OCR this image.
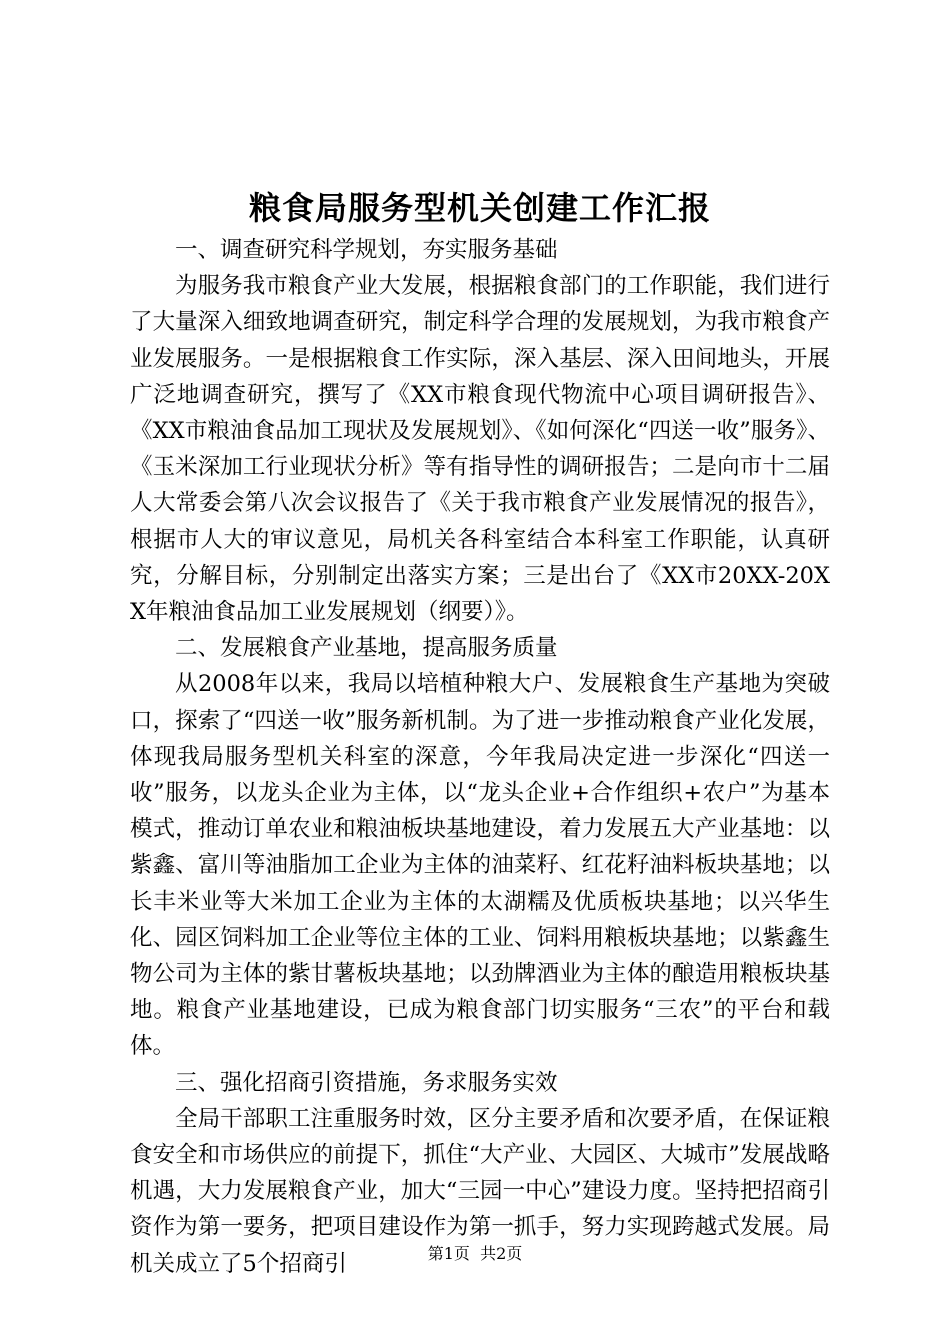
粮食局服务型机关创建工作汇报

一、调查研究科学规划，夯实服务基础

为服务我市粮食产业大发展，根据粮食部门的工作职能，我们进行了大量深入细致地调查研究，制定科学合理的发展规划，为我市粮食产业发展服务。一是根据粮食工作实际，深入基层、深入田间地头，开展广泛地调查研究，撰写了《XX市粮食现代物流中心项目调研报告》、《XX市粮油食品加工现状及发展规划》、《如何深化“四送一收”服务》、《玉米深加工行业现状分析》等有指导性的调研报告；二是向市十二届人大常委会第八次会议报告了《关于我市粮食产业发展情况的报告》，根据市人大的审议意见，局机关各科室结合本科室工作职能，认真研究，分解目标，分别制定出落实方案；三是出台了《XX市20XX-20XX年粮油食品加工业发展规划（纲要）》。

二、发展粮食产业基地，提高服务质量

从2008年以来，我局以培植种粮大户、发展粮食生产基地为突破口，探索了“四送一收”服务新机制。为了进一步推动粮食产业化发展，体现我局服务型机关科室的深意，今年我局决定进一步深化“四送一收”服务，以龙头企业为主体，以“龙头企业+合作组织+农户”为基本模式，推动订单农业和粮油板块基地建设，着力发展五大产业基地：以紫鑫、富川等油脂加工企业为主体的油菜籽、红花籽油料板块基地；以长丰米业等大米加工企业为主体的太湖糯及优质板块基地；以兴华生化、园区饲料加工企业等位主体的工业、饲料用粮板块基地；以紫鑫生物公司为主体的紫甘薯板块基地；以劲牌酒业为主体的酿造用粮板块基地。粮食产业基地建设，已成为粮食部门切实服务“三农”的平台和载体。

三、强化招商引资措施，务求服务实效

全局干部职工注重服务时效，区分主要矛盾和次要矛盾，在保证粮食安全和市场供应的前提下，抓住“大产业、大园区、大城市”发展战略机遇，大力发展粮食产业，加大“三园一中心”建设力度。坚持把招商引资作为第一要务，把项目建设作为第一抓手，努力实现跨越式发展。局机关成立了5个招商引	第1页 共2页
